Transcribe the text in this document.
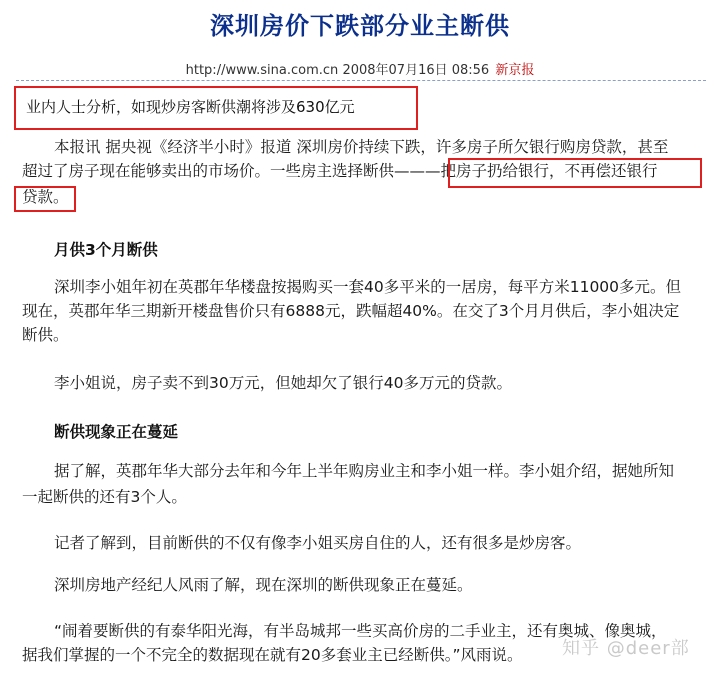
深圳房价下跌部分业主断供
http://www.sina.com.cn 2008年07月16日 08:56 新京报
业内人士分析，如现炒房客断供潮将涉及630亿元

本报讯 据央视《经济半小时》报道 深圳房价持续下跌，许多房子所欠银行购房贷款，甚至

超过了房子现在能够卖出的市场价。一些房主选择断供———把房子扔给银行，不再偿还银行

贷款。

月供3个月断供

深圳李小姐年初在英郡年华楼盘按揭购买一套40多平米的一居房，每平方米11000多元。但

现在，英郡年华三期新开楼盘售价只有6888元，跌幅超40%。在交了3个月月供后，李小姐决定

断供。

李小姐说，房子卖不到30万元，但她却欠了银行40多万元的贷款。

断供现象正在蔓延

据了解，英郡年华大部分去年和今年上半年购房业主和李小姐一样。李小姐介绍，据她所知

一起断供的还有3个人。

记者了解到，目前断供的不仅有像李小姐买房自住的人，还有很多是炒房客。

深圳房地产经纪人风雨了解，现在深圳的断供现象正在蔓延。

“闹着要断供的有泰华阳光海，有半岛城邦一些买高价房的二手业主，还有奥城、像奥城，

据我们掌握的一个不完全的数据现在就有20多套业主已经断供。”风雨说。	知乎 @deer部
